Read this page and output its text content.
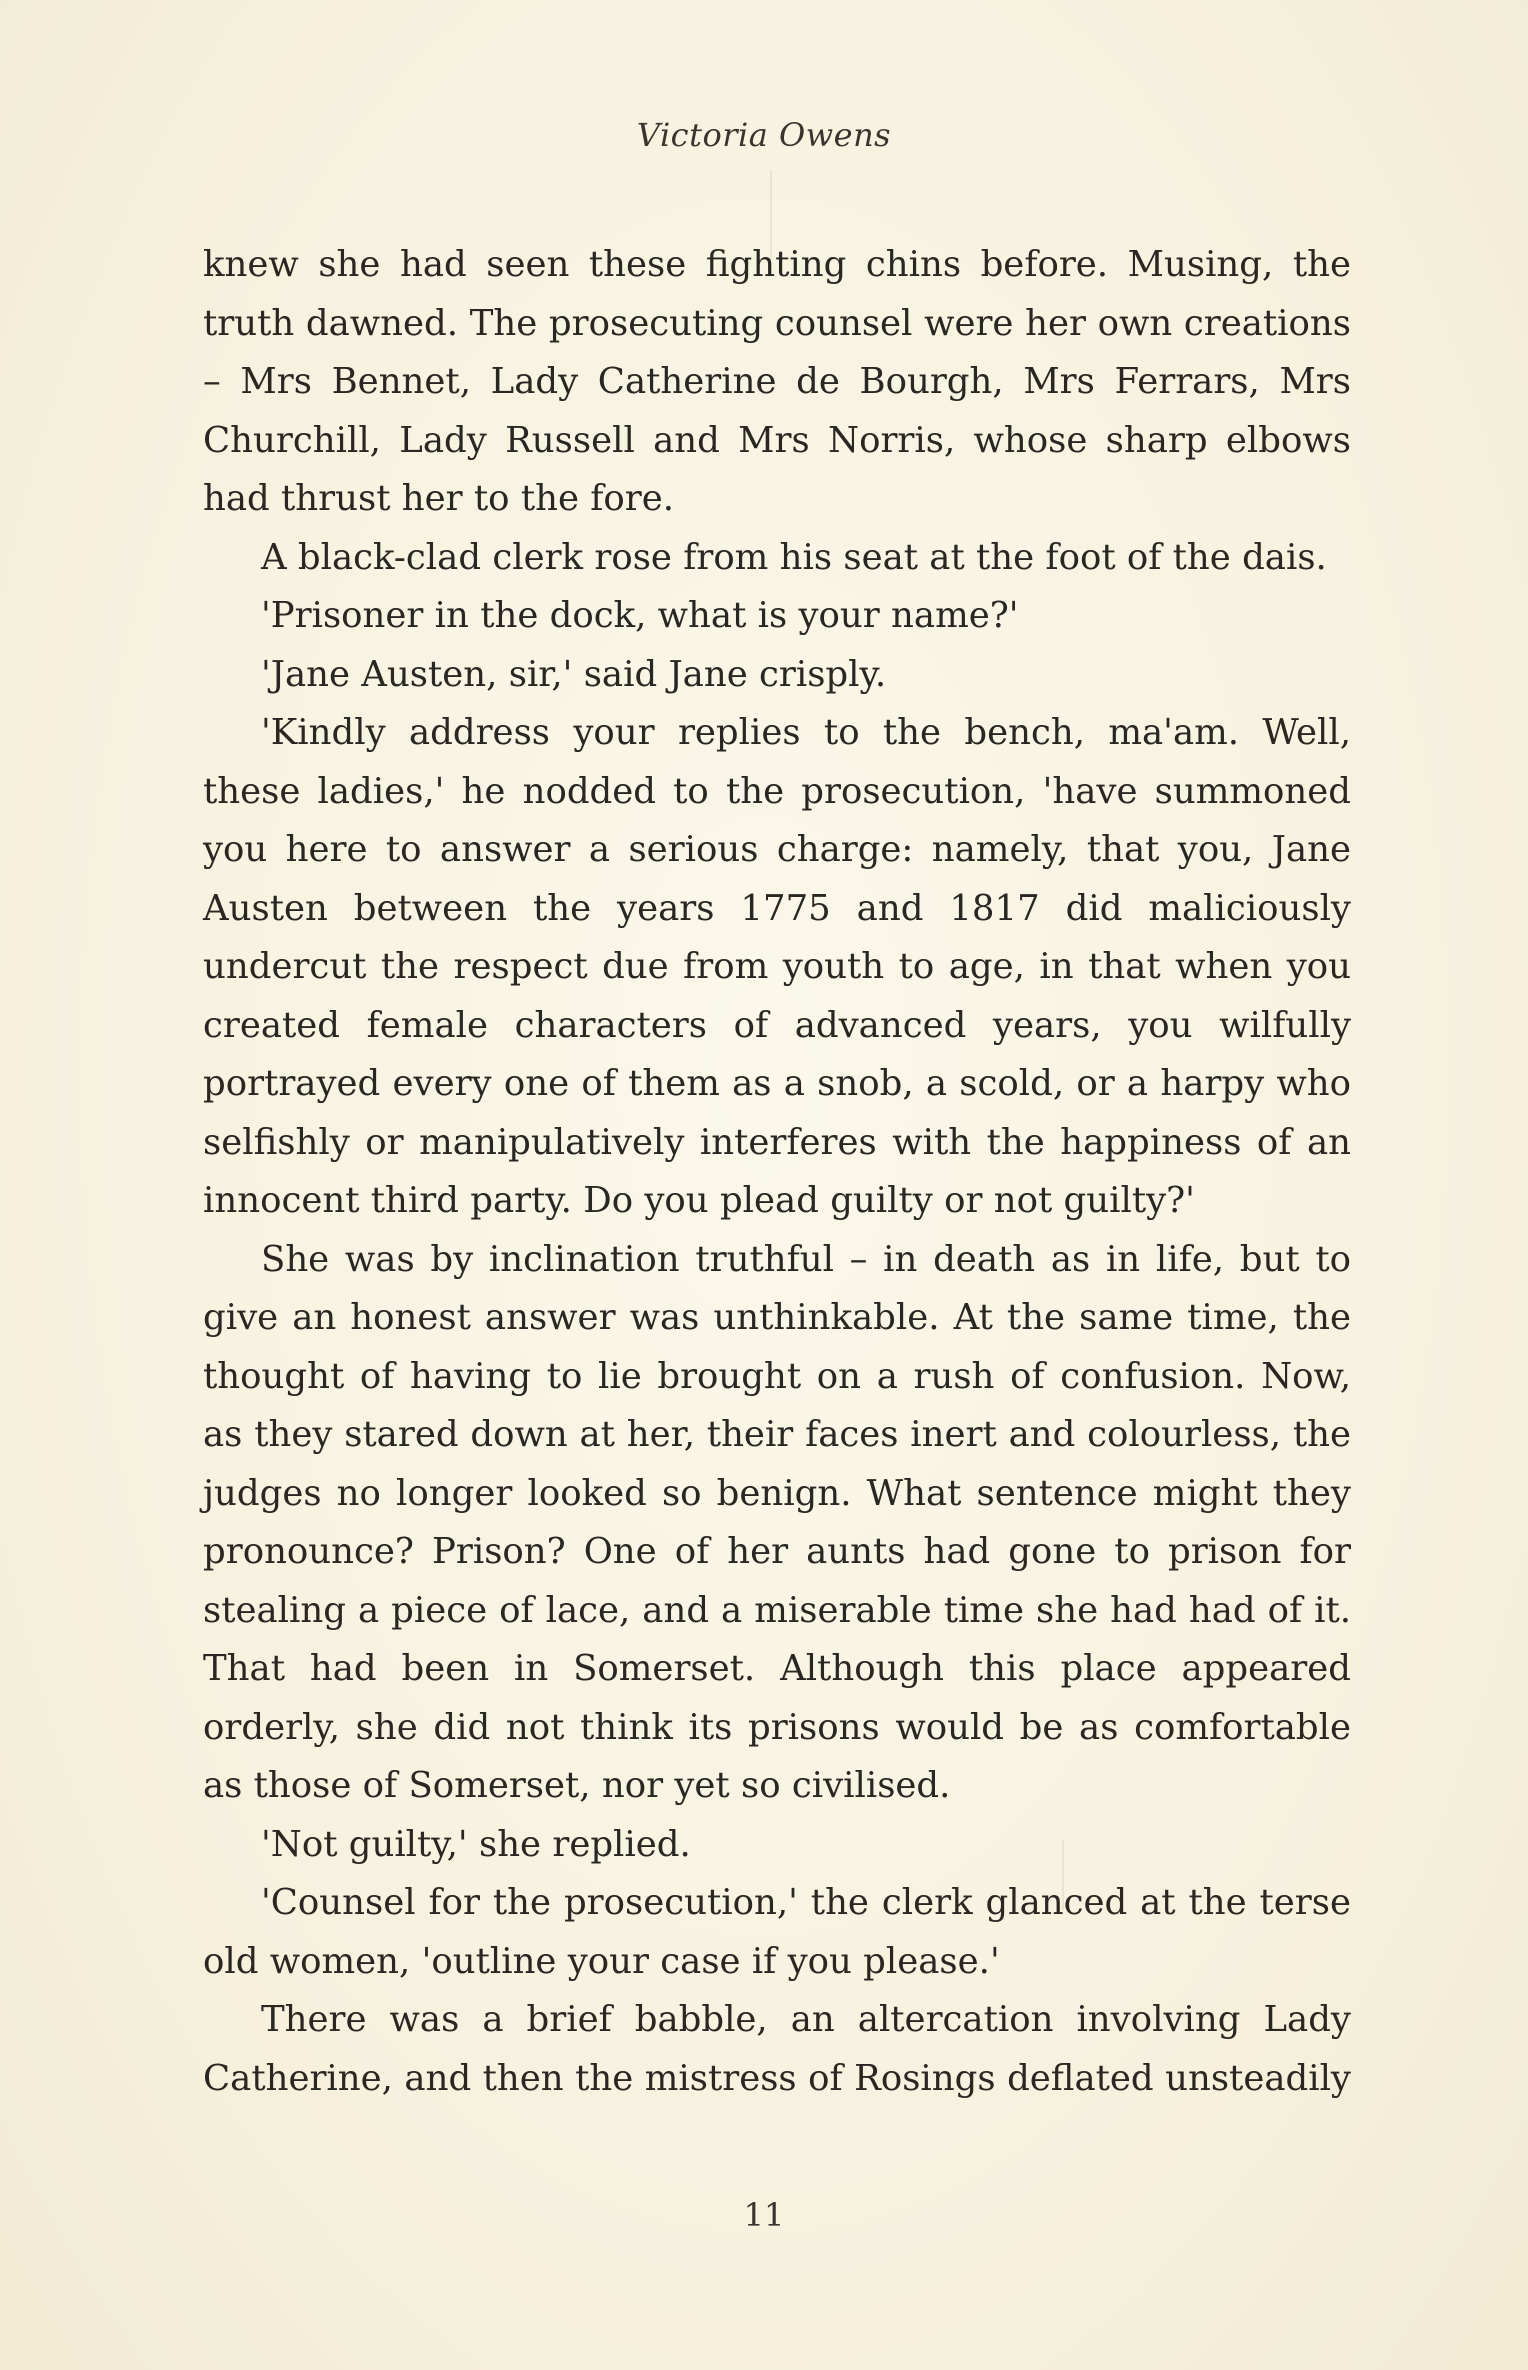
Victoria Owens

knew she had seen these fighting chins before. Musing, the truth dawned. The prosecuting counsel were her own creations – Mrs Bennet, Lady Catherine de Bourgh, Mrs Ferrars, Mrs Churchill, Lady Russell and Mrs Norris, whose sharp elbows had thrust her to the fore.

A black-clad clerk rose from his seat at the foot of the dais.

'Prisoner in the dock, what is your name?'

'Jane Austen, sir,' said Jane crisply.

'Kindly address your replies to the bench, ma'am. Well, these ladies,' he nodded to the prosecution, 'have summoned you here to answer a serious charge: namely, that you, Jane Austen between the years 1775 and 1817 did maliciously undercut the respect due from youth to age, in that when you created female characters of advanced years, you wilfully portrayed every one of them as a snob, a scold, or a harpy who selfishly or manipulatively interferes with the happiness of an innocent third party. Do you plead guilty or not guilty?'

She was by inclination truthful – in death as in life, but to give an honest answer was unthinkable. At the same time, the thought of having to lie brought on a rush of confusion. Now, as they stared down at her, their faces inert and colourless, the judges no longer looked so benign. What sentence might they pronounce? Prison? One of her aunts had gone to prison for stealing a piece of lace, and a miserable time she had had of it. That had been in Somerset. Although this place appeared orderly, she did not think its prisons would be as comfortable as those of Somerset, nor yet so civilised.

'Not guilty,' she replied.

'Counsel for the prosecution,' the clerk glanced at the terse old women, 'outline your case if you please.'

There was a brief babble, an altercation involving Lady Catherine, and then the mistress of Rosings deflated unsteadily

11
